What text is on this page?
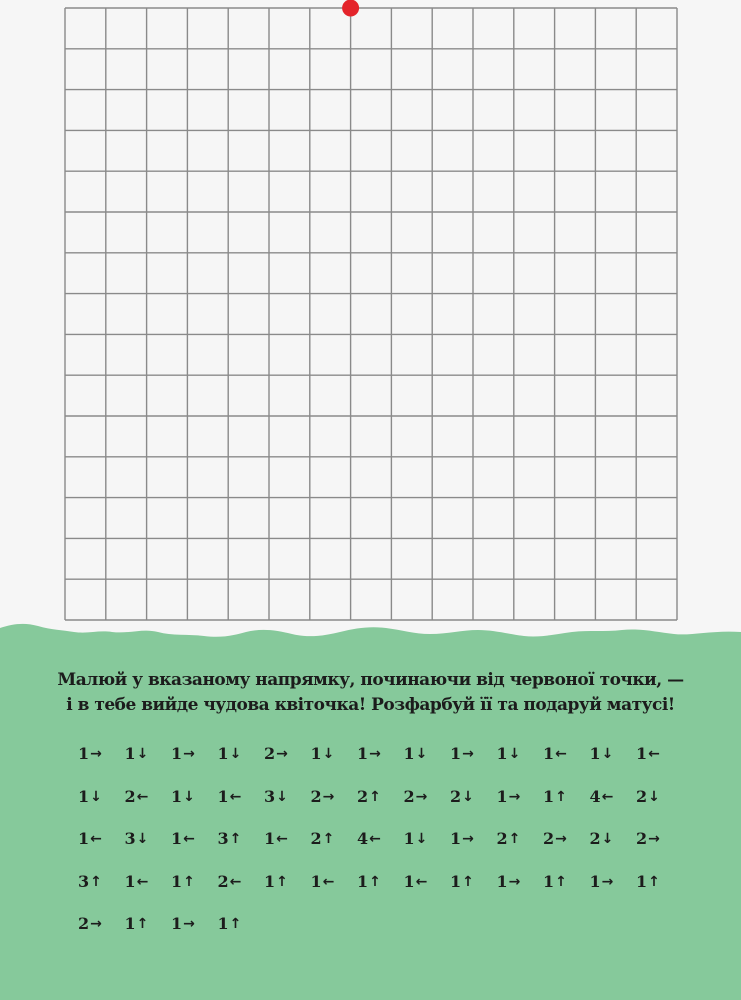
Малюй у вказаному напрямку, починаючи від червоної точки, —
і в тебе вийде чудова квіточка! Розфарбуй її та подаруй матусі!
1 → 1 ↓ 1 → 1 ↓ 2 → 1 ↓ 1 → 1 ↓ 1 → 1 ↓ 1 ← 1 ↓ 1 ←
1 ↓ 2 ← 1 ↓ 1 ← 3 ↓ 2 → 2 ↑ 2 → 2 ↓ 1 → 1 ↑ 4 ← 2 ↓
1 ← 3 ↓ 1 ← 3 ↑ 1 ← 2 ↑ 4 ← 1 ↓ 1 → 2 ↑ 2 → 2 ↓ 2 →
3 ↑ 1 ← 1 ↑ 2 ← 1 ↑ 1 ← 1 ↑ 1 ← 1 ↑ 1 → 1 ↑ 1 → 1 ↑
2 → 1 ↑ 1 → 1 ↑
